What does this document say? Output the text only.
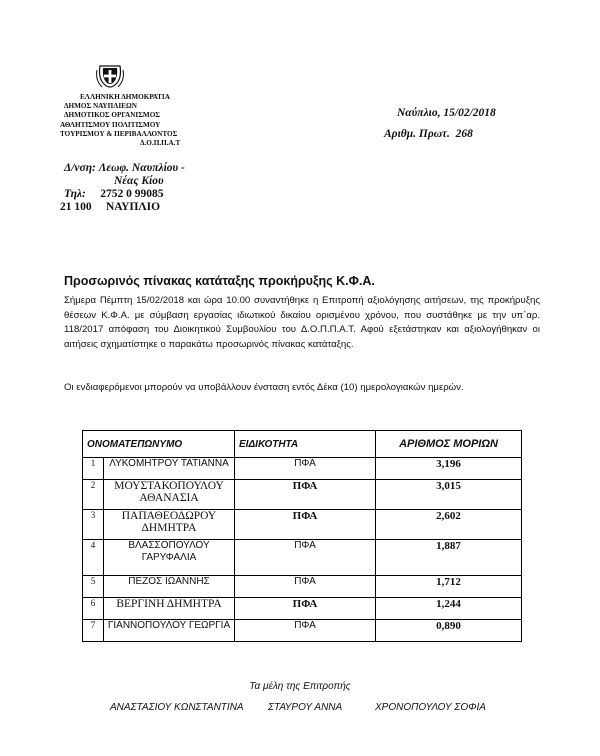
ΕΛΛΗΝΙΚΗ ΔΗΜΟΚΡΑΤΙΑ
ΔΗΜΟΣ ΝΑΥΠΛΙΕΩΝ
ΔΗΜΟΤΙΚΟΣ ΟΡΓΑΝΙΣΜΟΣ
ΑΘΛΗΤΙΣΜΟΥ ΠΟΛΙΤΙΣΜΟΥ
ΤΟΥΡΙΣΜΟΥ & ΠΕΡΙΒΑΛΛΟΝΤΟΣ
Δ.Ο.Π.Π.Α.Τ
Δ/νση: Λεωφ. Ναυπλίου -
Νέας Κίου
Τηλ: 2752 0 99085
21 100 ΝΑΥΠΛΙΟ
Ναύπλιο, 15/02/2018
Αριθμ. Πρωτ. 268
Προσωρινός πίνακας κατάταξης προκήρυξης Κ.Φ.Α.
Σήμερα Πέμπτη 15/02/2018 και ώρα 10.00 συναντήθηκε η Επιτροπή αξιολόγησης αιτήσεων, της προκήρυξης θέσεων Κ.Φ.Α. με σύμβαση εργασίας ιδιωτικού δικαίου ορισμένου χρόνου, που συστάθηκε με την υπ΄αρ. 118/2017 απόφαση του Διοικητικού Συμβουλίου του Δ.Ο.Π.Π.Α.Τ. Αφού εξετάστηκαν και αξιολογήθηκαν οι αιτήσεις σχηματίστηκε ο παρακάτω προσωρινός πίνακας κατάταξης.
Οι ενδιαφερόμενοι μπορούν να υποβάλλουν ένσταση εντός Δέκα (10) ημερολογιακών ημερών.
ΟΝΟΜΑΤΕΠΩΝΥΜΟ		ΕΙΔΙΚΟΤΗΤΑ	ΑΡΙΘΜΟΣ ΜΟΡΙΩΝ
1	ΛΥΚΟΜΗΤΡΟΥ ΤΑΤΙΑΝΝΑ	ΠΦΑ	3,196
2	ΜΟΥΣΤΑΚΟΠΟΥΛΟΥ ΑΘΑΝΑΣΙΑ	ΠΦΑ	3,015
3	ΠΑΠΑΘΕΟΔΩΡΟΥ ΔΗΜΗΤΡΑ	ΠΦΑ	2,602
4	ΒΛΑΣΣΟΠΟΥΛΟΥ ΓΑΡΥΦΑΛΙΑ	ΠΦΑ	1,887
5	ΠΕΖΟΣ ΙΩΑΝΝΗΣ	ΠΦΑ	1,712
6	ΒΕΡΓΙΝΗ ΔΗΜΗΤΡΑ	ΠΦΑ	1,244
7	ΓΙΑΝΝΟΠΟΥΛΟΥ ΓΕΩΡΓΙΑ	ΠΦΑ	0,890
Τα μέλη της Επιτροπής
ΑΝΑΣΤΑΣΙΟΥ ΚΩΝΣΤΑΝΤΙΝΑ ΣΤΑΥΡΟΥ ΑΝΝΑ	ΧΡΟΝΟΠΟΥΛΟΥ ΣΟΦΙΑ
